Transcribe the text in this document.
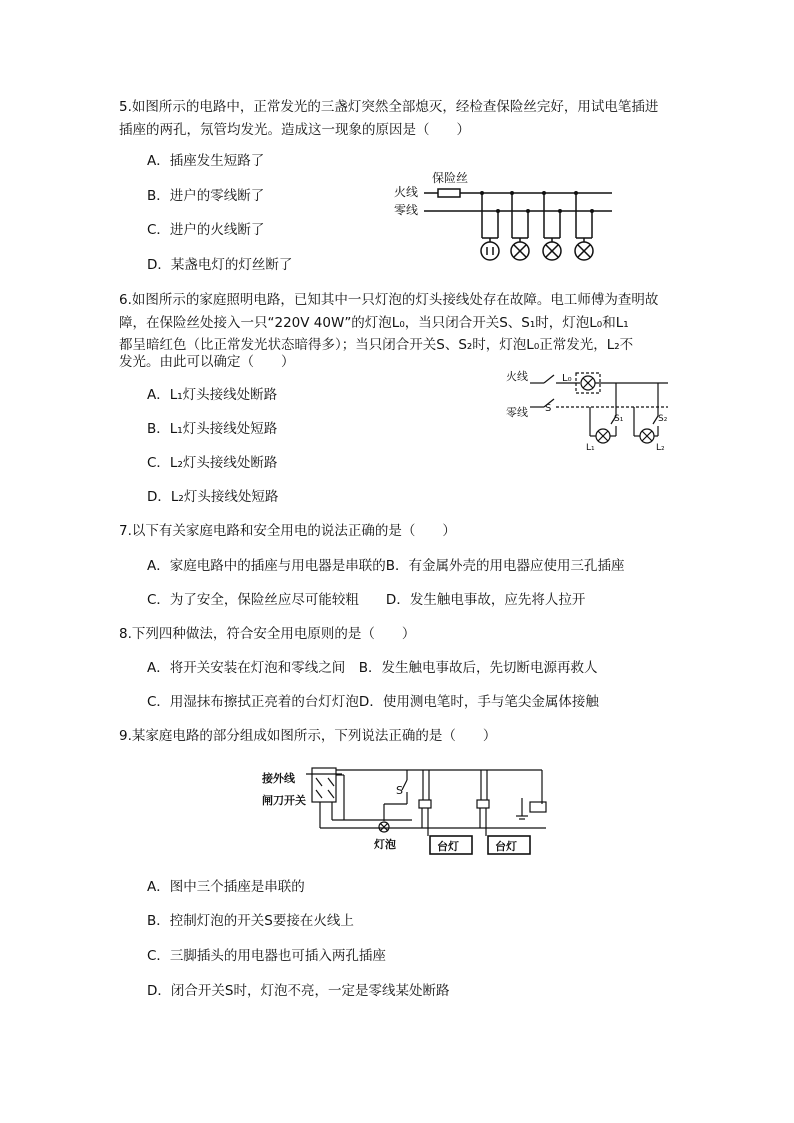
5.如图所示的电路中，正常发光的三盏灯突然全部熄灭，经检查保险丝完好，用试电笔插进
插座的两孔，氖管均发光。造成这一现象的原因是（　　）
A．插座发生短路了
B．进户的零线断了
C．进户的火线断了
D．某盏电灯的灯丝断了
保险丝
火线
零线
6.如图所示的家庭照明电路，已知其中一只灯泡的灯头接线处存在故障。电工师傅为查明故
障，在保险丝处接入一只“220V 40W”的灯泡L₀，当只闭合开关S、S₁时，灯泡L₀和L₁
都呈暗红色（比正常发光状态暗得多）；当只闭合开关S、S₂时，灯泡L₀正常发光，L₂不
发光。由此可以确定（　　）
A．L₁灯头接线处断路
B．L₁灯头接线处短路
C．L₂灯头接线处断路
D．L₂灯头接线处短路
火线
零线 S
L₀
S₁	S₂
L₁	L₂
7.以下有关家庭电路和安全用电的说法正确的是（　　）
A．家庭电路中的插座与用电器是串联的B．有金属外壳的用电器应使用三孔插座
C．为了安全，保险丝应尽可能较粗　　D．发生触电事故，应先将人拉开
8.下列四种做法，符合安全用电原则的是（　　）
A．将开关安装在灯泡和零线之间　B．发生触电事故后，先切断电源再救人
C．用湿抹布擦拭正亮着的台灯灯泡D．使用测电笔时，手与笔尖金属体接触
9.某家庭电路的部分组成如图所示，下列说法正确的是（　　）
接外线
闸刀开关
S
灯泡	台灯	台灯
A．图中三个插座是串联的
B．控制灯泡的开关S要接在火线上
C．三脚插头的用电器也可插入两孔插座
D．闭合开关S时，灯泡不亮，一定是零线某处断路
